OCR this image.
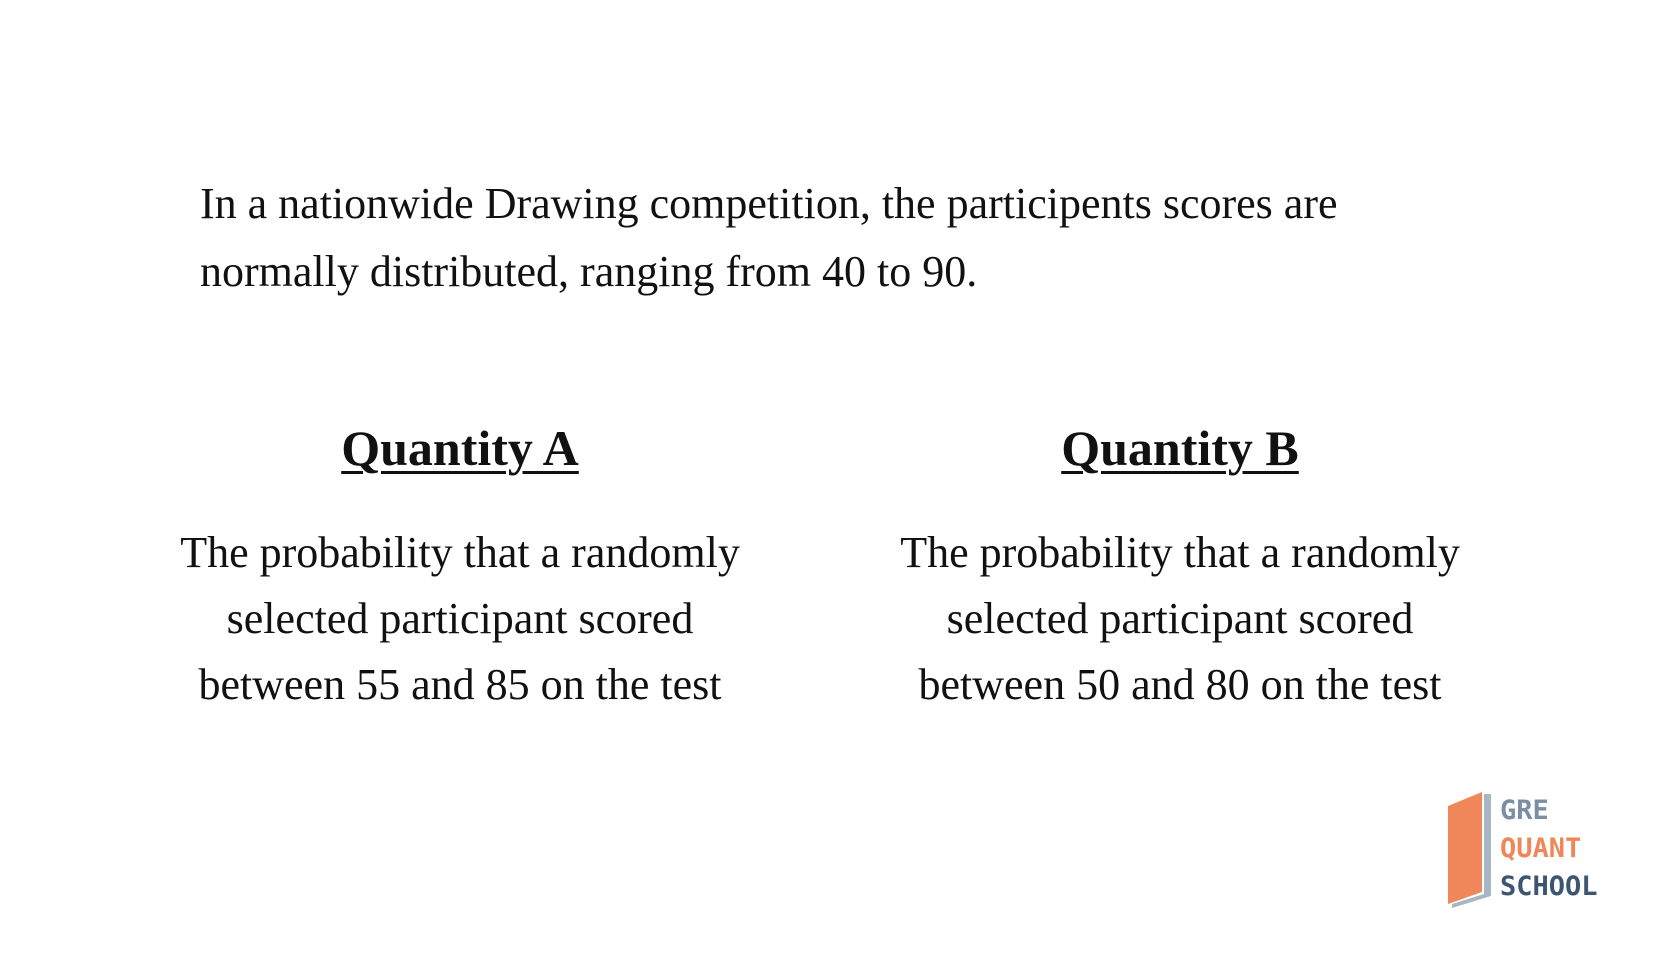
In a nationwide Drawing competition, the participents scores are
normally distributed, ranging from 40 to 90.

Quantity A
The probability that a randomly
selected participant scored
between 55 and 85 on the test
Quantity B
The probability that a randomly
selected participant scored
between 50 and 80 on the test
GRE
QUANT
SCHOOL
